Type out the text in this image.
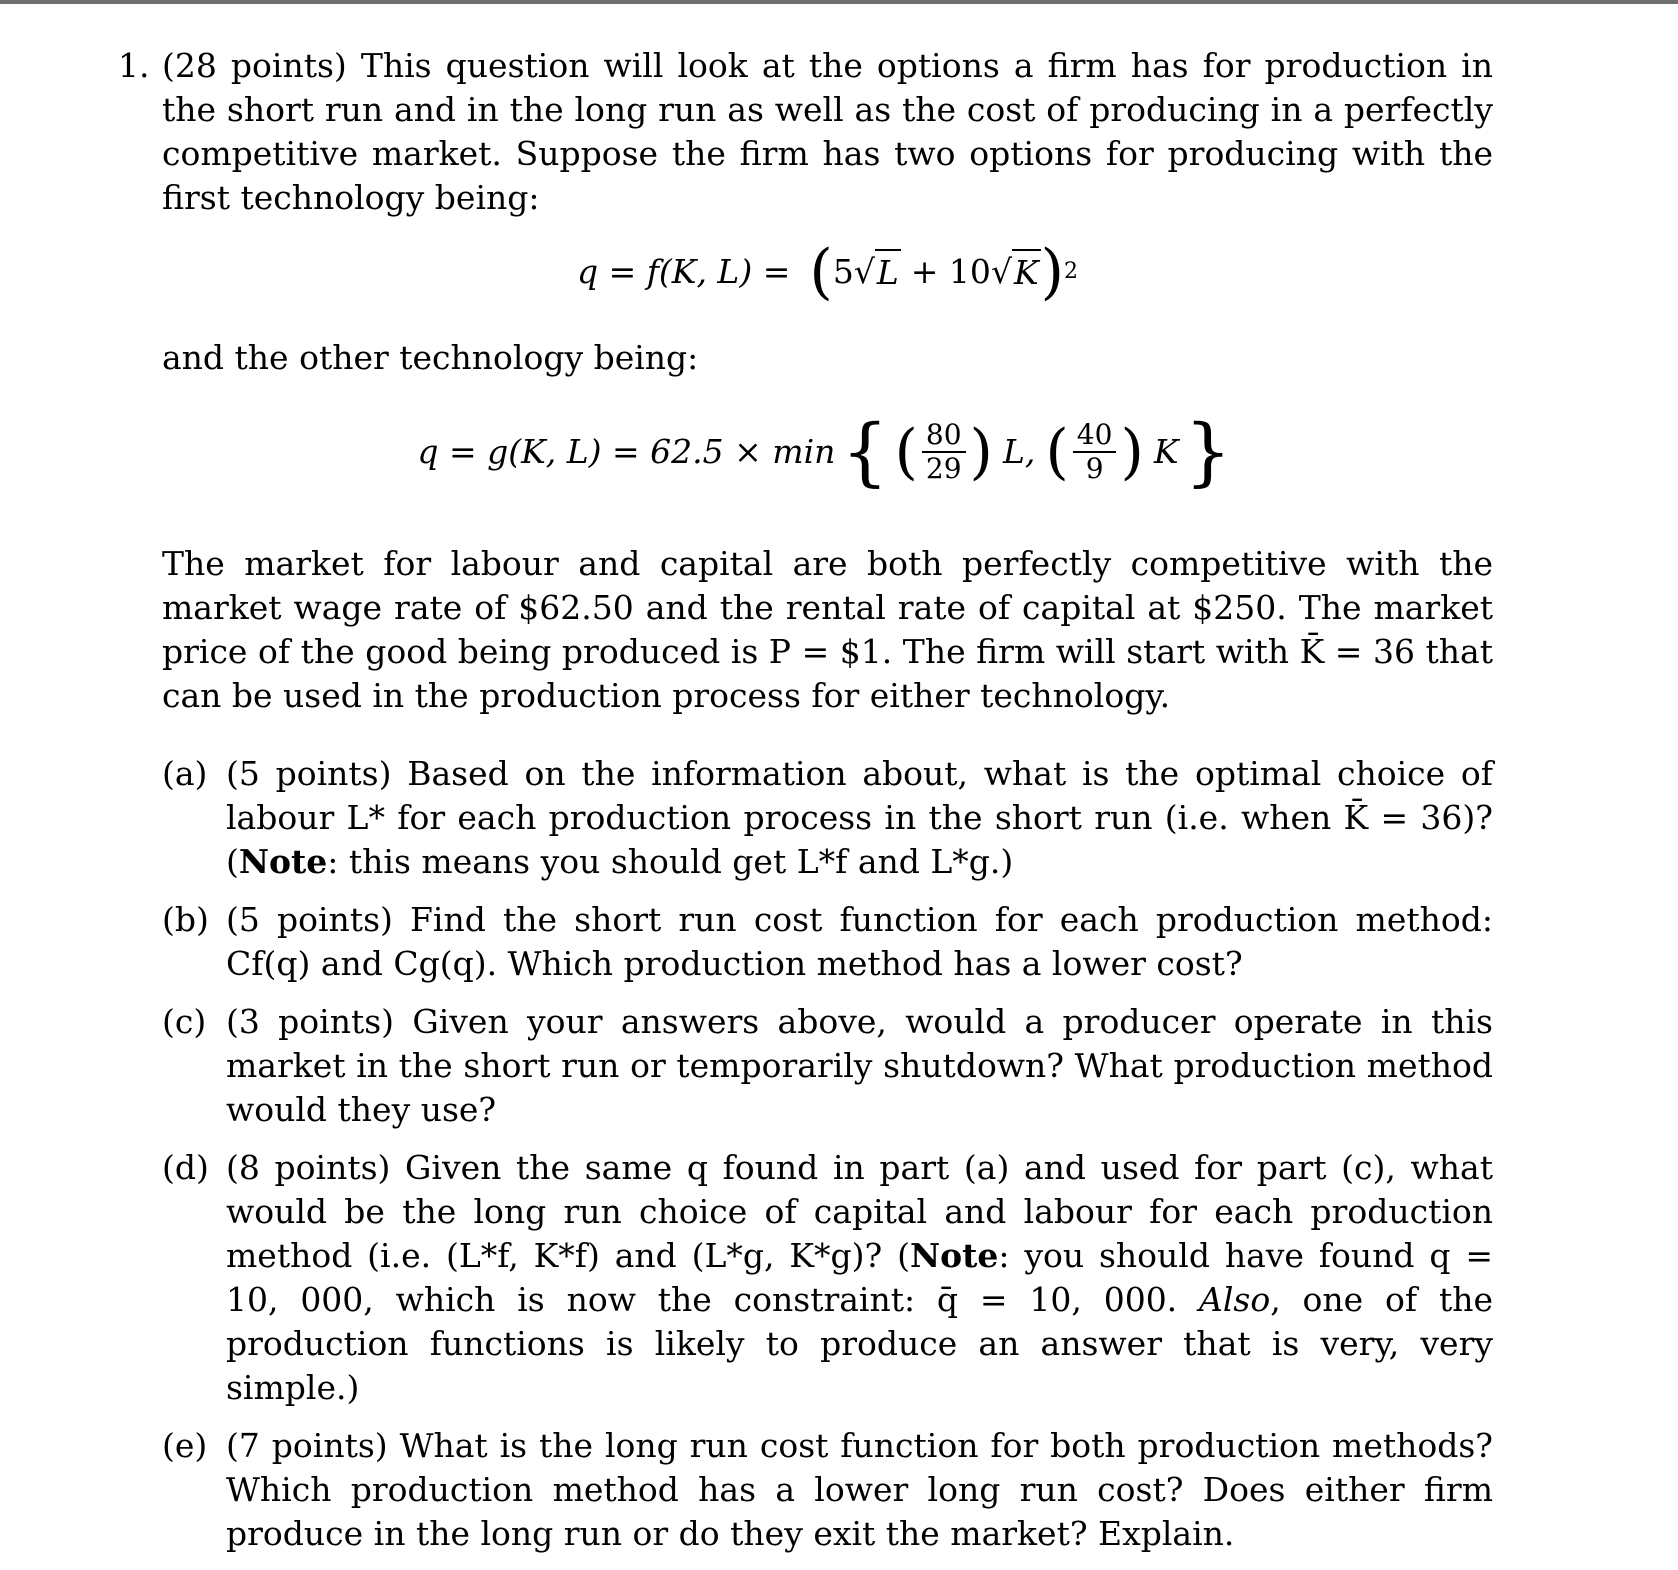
1. (28 points) This question will look at the options a firm has for production in the short run and in the long run as well as the cost of producing in a perfectly competitive market. Suppose the firm has two options for producing with the first technology being:
q = f(K, L) = ( 5 √ L + 10 √ K ) 2
and the other technology being:
q = g(K, L) = 62.5 × min { ( $\frac{80}{29}$ ) L, ( $\frac{40}{9}$ ) K }
The market for labour and capital are both perfectly competitive with the market wage rate of $62.50 and the rental rate of capital at $250. The market price of the good being produced is P = $1. The firm will start with K̄ = 36 that can be used in the production process for either technology.
(a) (5 points) Based on the information about, what is the optimal choice of labour L* for each production process in the short run (i.e. when K̄ = 36)? (Note: this means you should get L*f and L*g.)
(b) (5 points) Find the short run cost function for each production method: Cf(q) and Cg(q). Which production method has a lower cost?
(c) (3 points) Given your answers above, would a producer operate in this market in the short run or temporarily shutdown? What production method would they use?
(d) (8 points) Given the same q found in part (a) and used for part (c), what would be the long run choice of capital and labour for each production method (i.e. (L*f, K*f) and (L*g, K*g)? (Note: you should have found q = 10, 000, which is now the constraint: q̄ = 10, 000. Also, one of the production functions is likely to produce an answer that is very, very simple.)
(e) (7 points) What is the long run cost function for both production methods? Which production method has a lower long run cost? Does either firm produce in the long run or do they exit the market? Explain.
